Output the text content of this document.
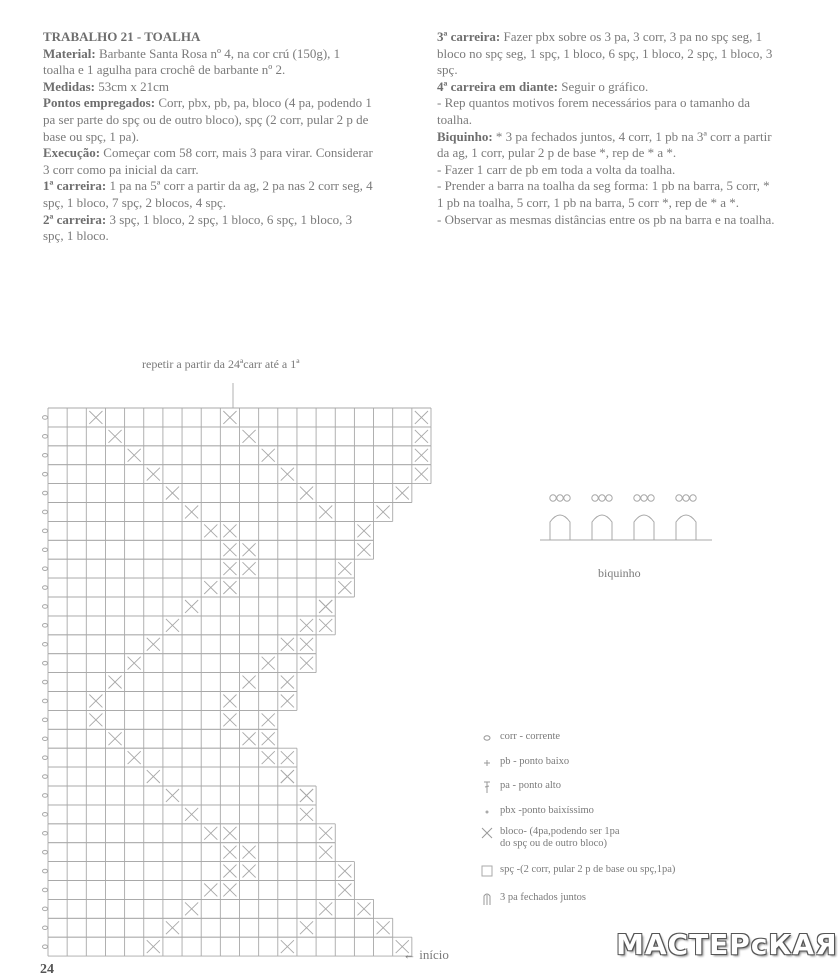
TRABALHO 21 - TOALHA

Material: Barbante Santa Rosa nº 4, na cor crú (150g), 1 toalha e 1 agulha para crochê de barbante nº 2.

Medidas: 53cm x 21cm

Pontos empregados: Corr, pbx, pb, pa, bloco (4 pa, podendo 1 pa ser parte do spç ou de outro bloco), spç (2 corr, pular 2 p de base ou spç, 1 pa).

Execução: Começar com 58 corr, mais 3 para virar. Considerar 3 corr como pa inicial da carr.

1ª carreira: 1 pa na 5ª corr a partir da ag, 2 pa nas 2 corr seg, 4 spç, 1 bloco, 7 spç, 2 blocos, 4 spç.

2ª carreira: 3 spç, 1 bloco, 2 spç, 1 bloco, 6 spç, 1 bloco, 3 spç, 1 bloco.

3ª carreira: Fazer pbx sobre os 3 pa, 3 corr, 3 pa no spç seg, 1 bloco no spç seg, 1 spç, 1 bloco, 6 spç, 1 bloco, 2 spç, 1 bloco, 3 spç.

4ª carreira em diante: Seguir o gráfico.

- Rep quantos motivos forem necessários para o tamanho da toalha.

Biquinho: * 3 pa fechados juntos, 4 corr, 1 pb na 3ª corr a partir da ag, 1 corr, pular 2 p de base *, rep de * a *.

- Fazer 1 carr de pb em toda a volta da toalha.

- Prender a barra na toalha da seg forma: 1 pb na barra, 5 corr, * 1 pb na toalha, 5 corr, 1 pb na barra, 5 corr *, rep de * a *.

- Observar as mesmas distâncias entre os pb na barra e na toalha.

repetir a partir da 24ªcarr até a 1ª
biquinho
corr - corrente
pb - ponto baixo
pa - ponto alto
pbx -ponto baixíssimo
bloco- (4pa,podendo ser 1pa
do spç ou de outro bloco)
spç -(2 corr, pular 2 p de base ou spç,1pa)
3 pa fechados juntos
← início
24
МАСТЕРсКАЯ
